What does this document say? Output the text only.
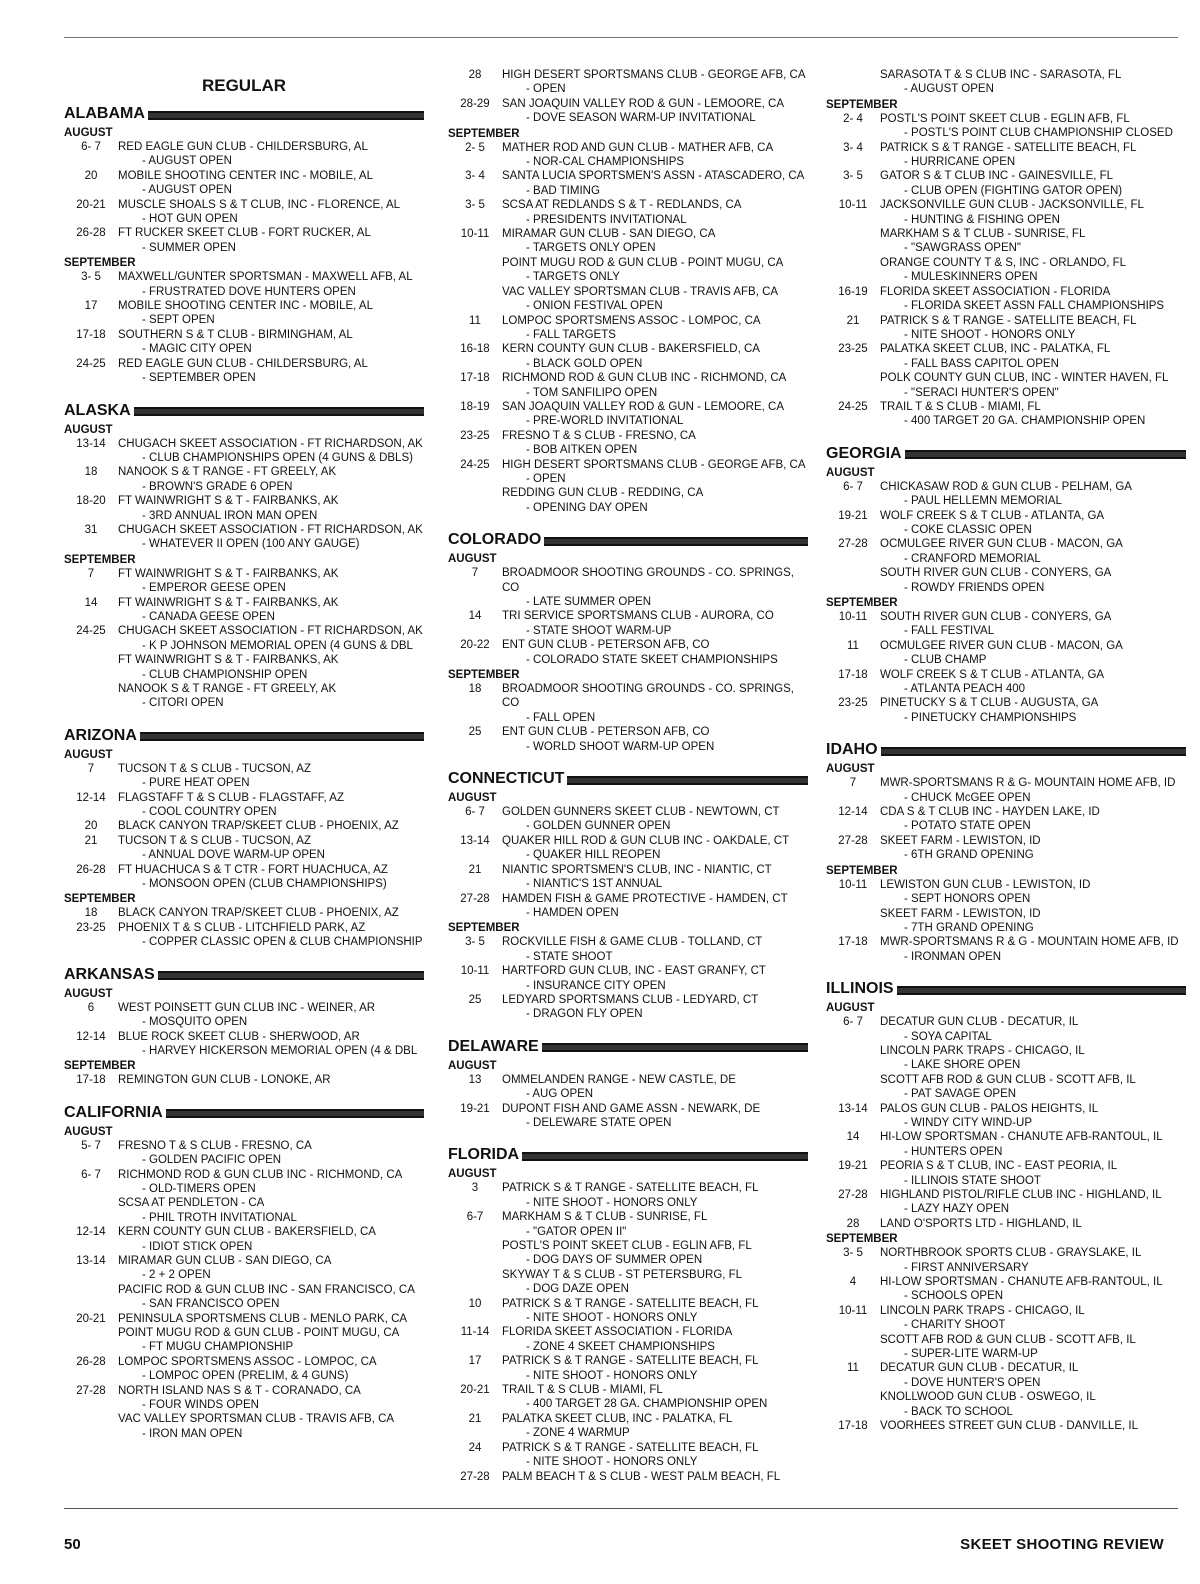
REGULAR
ALABAMA
AUGUST
6- 7	RED EAGLE GUN CLUB - CHILDERSBURG, AL
- AUGUST OPEN
20	MOBILE SHOOTING CENTER INC - MOBILE, AL
- AUGUST OPEN
20-21	MUSCLE SHOALS S & T CLUB, INC - FLORENCE, AL
- HOT GUN OPEN
26-28	FT RUCKER SKEET CLUB - FORT RUCKER, AL
- SUMMER OPEN
SEPTEMBER
3- 5	MAXWELL/GUNTER SPORTSMAN - MAXWELL AFB, AL
- FRUSTRATED DOVE HUNTERS OPEN
17	MOBILE SHOOTING CENTER INC - MOBILE, AL
- SEPT OPEN
17-18	SOUTHERN S & T CLUB - BIRMINGHAM, AL
- MAGIC CITY OPEN
24-25	RED EAGLE GUN CLUB - CHILDERSBURG, AL
- SEPTEMBER OPEN
ALASKA
AUGUST
13-14	CHUGACH SKEET ASSOCIATION - FT RICHARDSON, AK
- CLUB CHAMPIONSHIPS OPEN (4 GUNS & DBLS)
18	NANOOK S & T RANGE - FT GREELY, AK
- BROWN'S GRADE 6 OPEN
18-20	FT WAINWRIGHT S & T - FAIRBANKS, AK
- 3RD ANNUAL IRON MAN OPEN
31	CHUGACH SKEET ASSOCIATION - FT RICHARDSON, AK
- WHATEVER II OPEN (100 ANY GAUGE)
SEPTEMBER
7	FT WAINWRIGHT S & T - FAIRBANKS, AK
- EMPEROR GEESE OPEN
14	FT WAINWRIGHT S & T - FAIRBANKS, AK
- CANADA GEESE OPEN
24-25	CHUGACH SKEET ASSOCIATION - FT RICHARDSON, AK
- K P JOHNSON MEMORIAL OPEN (4 GUNS & DBL
FT WAINWRIGHT S & T - FAIRBANKS, AK
- CLUB CHAMPIONSHIP OPEN
NANOOK S & T RANGE - FT GREELY, AK
- CITORI OPEN
ARIZONA
AUGUST
7	TUCSON T & S CLUB - TUCSON, AZ
- PURE HEAT OPEN
12-14	FLAGSTAFF T & S CLUB - FLAGSTAFF, AZ
- COOL COUNTRY OPEN
20	BLACK CANYON TRAP/SKEET CLUB - PHOENIX, AZ
21	TUCSON T & S CLUB - TUCSON, AZ
- ANNUAL DOVE WARM-UP OPEN
26-28	FT HUACHUCA S & T CTR - FORT HUACHUCA, AZ
- MONSOON OPEN (CLUB CHAMPIONSHIPS)
SEPTEMBER
18	BLACK CANYON TRAP/SKEET CLUB - PHOENIX, AZ
23-25	PHOENIX T & S CLUB - LITCHFIELD PARK, AZ
- COPPER CLASSIC OPEN & CLUB CHAMPIONSHIP
ARKANSAS
AUGUST
6	WEST POINSETT GUN CLUB INC - WEINER, AR
- MOSQUITO OPEN
12-14	BLUE ROCK SKEET CLUB - SHERWOOD, AR
- HARVEY HICKERSON MEMORIAL OPEN (4 & DBL
SEPTEMBER
17-18	REMINGTON GUN CLUB - LONOKE, AR
CALIFORNIA
AUGUST
5- 7	FRESNO T & S CLUB - FRESNO, CA
- GOLDEN PACIFIC OPEN
6- 7	RICHMOND ROD & GUN CLUB INC - RICHMOND, CA
- OLD-TIMERS OPEN
SCSA AT PENDLETON - CA
- PHIL TROTH INVITATIONAL
12-14	KERN COUNTY GUN CLUB - BAKERSFIELD, CA
- IDIOT STICK OPEN
13-14	MIRAMAR GUN CLUB - SAN DIEGO, CA
- 2 + 2 OPEN
PACIFIC ROD & GUN CLUB INC - SAN FRANCISCO, CA
- SAN FRANCISCO OPEN
20-21	PENINSULA SPORTSMENS CLUB - MENLO PARK, CA
POINT MUGU ROD & GUN CLUB - POINT MUGU, CA
- FT MUGU CHAMPIONSHIP
26-28	LOMPOC SPORTSMENS ASSOC - LOMPOC, CA
- LOMPOC OPEN (PRELIM, & 4 GUNS)
27-28	NORTH ISLAND NAS S & T - CORANADO, CA
- FOUR WINDS OPEN
VAC VALLEY SPORTSMAN CLUB - TRAVIS AFB, CA
- IRON MAN OPEN
28	HIGH DESERT SPORTSMANS CLUB - GEORGE AFB, CA
- OPEN
28-29	SAN JOAQUIN VALLEY ROD & GUN - LEMOORE, CA
- DOVE SEASON WARM-UP INVITATIONAL
SEPTEMBER
2- 5	MATHER ROD AND GUN CLUB - MATHER AFB, CA
- NOR-CAL CHAMPIONSHIPS
3- 4	SANTA LUCIA SPORTSMEN'S ASSN - ATASCADERO, CA
- BAD TIMING
3- 5	SCSA AT REDLANDS S & T - REDLANDS, CA
- PRESIDENTS INVITATIONAL
10-11	MIRAMAR GUN CLUB - SAN DIEGO, CA
- TARGETS ONLY OPEN
POINT MUGU ROD & GUN CLUB - POINT MUGU, CA
- TARGETS ONLY
VAC VALLEY SPORTSMAN CLUB - TRAVIS AFB, CA
- ONION FESTIVAL OPEN
11	LOMPOC SPORTSMENS ASSOC - LOMPOC, CA
- FALL TARGETS
16-18	KERN COUNTY GUN CLUB - BAKERSFIELD, CA
- BLACK GOLD OPEN
17-18	RICHMOND ROD & GUN CLUB INC - RICHMOND, CA
- TOM SANFILIPO OPEN
18-19	SAN JOAQUIN VALLEY ROD & GUN - LEMOORE, CA
- PRE-WORLD INVITATIONAL
23-25	FRESNO T & S CLUB - FRESNO, CA
- BOB AITKEN OPEN
24-25	HIGH DESERT SPORTSMANS CLUB - GEORGE AFB, CA
- OPEN
REDDING GUN CLUB - REDDING, CA
- OPENING DAY OPEN
COLORADO
AUGUST
7	BROADMOOR SHOOTING GROUNDS - CO. SPRINGS, CO
- LATE SUMMER OPEN
14	TRI SERVICE SPORTSMANS CLUB - AURORA, CO
- STATE SHOOT WARM-UP
20-22	ENT GUN CLUB - PETERSON AFB, CO
- COLORADO STATE SKEET CHAMPIONSHIPS
SEPTEMBER
18	BROADMOOR SHOOTING GROUNDS - CO. SPRINGS, CO
- FALL OPEN
25	ENT GUN CLUB - PETERSON AFB, CO
- WORLD SHOOT WARM-UP OPEN
CONNECTICUT
AUGUST
6- 7	GOLDEN GUNNERS SKEET CLUB - NEWTOWN, CT
- GOLDEN GUNNER OPEN
13-14	QUAKER HILL ROD & GUN CLUB INC - OAKDALE, CT
- QUAKER HILL REOPEN
21	NIANTIC SPORTSMEN'S CLUB, INC - NIANTIC, CT
- NIANTIC'S 1ST ANNUAL
27-28	HAMDEN FISH & GAME PROTECTIVE - HAMDEN, CT
- HAMDEN OPEN
SEPTEMBER
3- 5	ROCKVILLE FISH & GAME CLUB - TOLLAND, CT
- STATE SHOOT
10-11	HARTFORD GUN CLUB, INC - EAST GRANFY, CT
- INSURANCE CITY OPEN
25	LEDYARD SPORTSMANS CLUB - LEDYARD, CT
- DRAGON FLY OPEN
DELAWARE
AUGUST
13	OMMELANDEN RANGE - NEW CASTLE, DE
- AUG OPEN
19-21	DUPONT FISH AND GAME ASSN - NEWARK, DE
- DELEWARE STATE OPEN
FLORIDA
AUGUST
3	PATRICK S & T RANGE - SATELLITE BEACH, FL
- NITE SHOOT - HONORS ONLY
6-7	MARKHAM S & T CLUB - SUNRISE, FL
- "GATOR OPEN II"
POSTL'S POINT SKEET CLUB - EGLIN AFB, FL
- DOG DAYS OF SUMMER OPEN
SKYWAY T & S CLUB - ST PETERSBURG, FL
- DOG DAZE OPEN
10	PATRICK S & T RANGE - SATELLITE BEACH, FL
- NITE SHOOT - HONORS ONLY
11-14	FLORIDA SKEET ASSOCIATION - FLORIDA
- ZONE 4 SKEET CHAMPIONSHIPS
17	PATRICK S & T RANGE - SATELLITE BEACH, FL
- NITE SHOOT - HONORS ONLY
20-21	TRAIL T & S CLUB - MIAMI, FL
- 400 TARGET 28 GA. CHAMPIONSHIP OPEN
21	PALATKA SKEET CLUB, INC - PALATKA, FL
- ZONE 4 WARMUP
24	PATRICK S & T RANGE - SATELLITE BEACH, FL
- NITE SHOOT - HONORS ONLY
27-28	PALM BEACH T & S CLUB - WEST PALM BEACH, FL
SARASOTA T & S CLUB INC - SARASOTA, FL
- AUGUST OPEN
SEPTEMBER
2- 4	POSTL'S POINT SKEET CLUB - EGLIN AFB, FL
- POSTL'S POINT CLUB CHAMPIONSHIP CLOSED
3- 4	PATRICK S & T RANGE - SATELLITE BEACH, FL
- HURRICANE OPEN
3- 5	GATOR S & T CLUB INC - GAINESVILLE, FL
- CLUB OPEN (FIGHTING GATOR OPEN)
10-11	JACKSONVILLE GUN CLUB - JACKSONVILLE, FL
- HUNTING & FISHING OPEN
MARKHAM S & T CLUB - SUNRISE, FL
- "SAWGRASS OPEN"
ORANGE COUNTY T & S, INC - ORLANDO, FL
- MULESKINNERS OPEN
16-19	FLORIDA SKEET ASSOCIATION - FLORIDA
- FLORIDA SKEET ASSN FALL CHAMPIONSHIPS
21	PATRICK S & T RANGE - SATELLITE BEACH, FL
- NITE SHOOT - HONORS ONLY
23-25	PALATKA SKEET CLUB, INC - PALATKA, FL
- FALL BASS CAPITOL OPEN
POLK COUNTY GUN CLUB, INC - WINTER HAVEN, FL
- "SERACI HUNTER'S OPEN"
24-25	TRAIL T & S CLUB - MIAMI, FL
- 400 TARGET 20 GA. CHAMPIONSHIP OPEN
GEORGIA
AUGUST
6- 7	CHICKASAW ROD & GUN CLUB - PELHAM, GA
- PAUL HELLEMN MEMORIAL
19-21	WOLF CREEK S & T CLUB - ATLANTA, GA
- COKE CLASSIC OPEN
27-28	OCMULGEE RIVER GUN CLUB - MACON, GA
- CRANFORD MEMORIAL
SOUTH RIVER GUN CLUB - CONYERS, GA
- ROWDY FRIENDS OPEN
SEPTEMBER
10-11	SOUTH RIVER GUN CLUB - CONYERS, GA
- FALL FESTIVAL
11	OCMULGEE RIVER GUN CLUB - MACON, GA
- CLUB CHAMP
17-18	WOLF CREEK S & T CLUB - ATLANTA, GA
- ATLANTA PEACH 400
23-25	PINETUCKY S & T CLUB - AUGUSTA, GA
- PINETUCKY CHAMPIONSHIPS
IDAHO
AUGUST
7	MWR-SPORTSMANS R & G- MOUNTAIN HOME AFB, ID
- CHUCK McGEE OPEN
12-14	CDA S & T CLUB INC - HAYDEN LAKE, ID
- POTATO STATE OPEN
27-28	SKEET FARM - LEWISTON, ID
- 6TH GRAND OPENING
SEPTEMBER
10-11	LEWISTON GUN CLUB - LEWISTON, ID
- SEPT HONORS OPEN
SKEET FARM - LEWISTON, ID
- 7TH GRAND OPENING
17-18	MWR-SPORTSMANS R & G - MOUNTAIN HOME AFB, ID
- IRONMAN OPEN
ILLINOIS
AUGUST
6- 7	DECATUR GUN CLUB - DECATUR, IL
- SOYA CAPITAL
LINCOLN PARK TRAPS - CHICAGO, IL
- LAKE SHORE OPEN
SCOTT AFB ROD & GUN CLUB - SCOTT AFB, IL
- PAT SAVAGE OPEN
13-14	PALOS GUN CLUB - PALOS HEIGHTS, IL
- WINDY CITY WIND-UP
14	HI-LOW SPORTSMAN - CHANUTE AFB-RANTOUL, IL
- HUNTERS OPEN
19-21	PEORIA S & T CLUB, INC - EAST PEORIA, IL
- ILLINOIS STATE SHOOT
27-28	HIGHLAND PISTOL/RIFLE CLUB INC - HIGHLAND, IL
- LAZY HAZY OPEN
28	LAND O'SPORTS LTD - HIGHLAND, IL
SEPTEMBER
3- 5	NORTHBROOK SPORTS CLUB - GRAYSLAKE, IL
- FIRST ANNIVERSARY
4	HI-LOW SPORTSMAN - CHANUTE AFB-RANTOUL, IL
- SCHOOLS OPEN
10-11	LINCOLN PARK TRAPS - CHICAGO, IL
- CHARITY SHOOT
SCOTT AFB ROD & GUN CLUB - SCOTT AFB, IL
- SUPER-LITE WARM-UP
11	DECATUR GUN CLUB - DECATUR, IL
- DOVE HUNTER'S OPEN
KNOLLWOOD GUN CLUB - OSWEGO, IL
- BACK TO SCHOOL
17-18	VOORHEES STREET GUN CLUB - DANVILLE, IL
50	SKEET SHOOTING REVIEW
